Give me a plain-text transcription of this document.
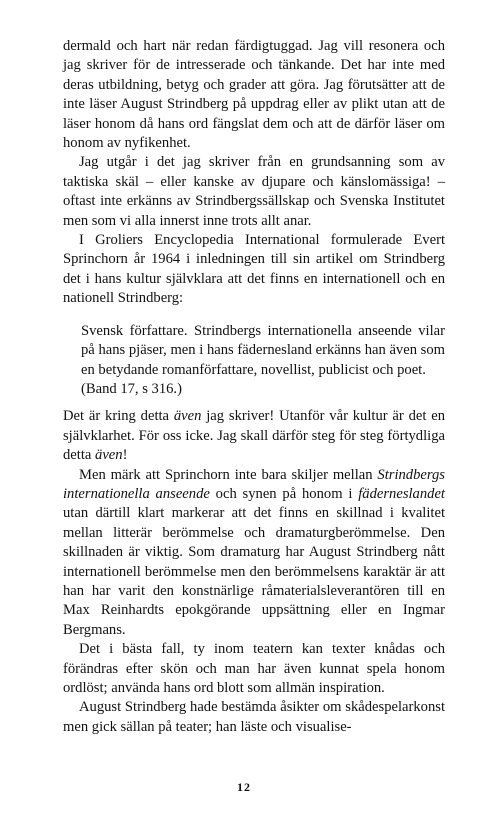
dermald och hart när redan färdigtuggad. Jag vill resonera och jag skriver för de intresserade och tänkande. Det har inte med deras utbildning, betyg och grader att göra. Jag förutsätter att de inte läser August Strindberg på uppdrag eller av plikt utan att de läser honom då hans ord fängslat dem och att de därför läser om honom av nyfikenhet.

Jag utgår i det jag skriver från en grundsanning som av taktiska skäl – eller kanske av djupare och känslomässiga! – oftast inte erkänns av Strindbergssällskap och Svenska Institutet men som vi alla innerst inne trots allt anar.

I Groliers Encyclopedia International formulerade Evert Sprinchorn år 1964 i inledningen till sin artikel om Strindberg det i hans kultur självklara att det finns en internationell och en nationell Strindberg:

Svensk författare. Strindbergs internationella anseende vilar på hans pjäser, men i hans fädernesland erkänns han även som en betydande romanförfattare, novellist, publicist och poet.

(Band 17, s 316.)

Det är kring detta även jag skriver! Utanför vår kultur är det en självklarhet. För oss icke. Jag skall därför steg för steg förtydliga detta även!

Men märk att Sprinchorn inte bara skiljer mellan Strindbergs internationella anseende och synen på honom i fäderneslandet utan därtill klart markerar att det finns en skillnad i kvalitet mellan litterär berömmelse och dramaturgberömmelse. Den skillnaden är viktig. Som dramaturg har August Strindberg nått internationell berömmelse men den berömmelsens karaktär är att han har varit den konstnärlige råmaterialsleverantören till en Max Reinhardts epokgörande uppsättning eller en Ingmar Bergmans.

Det i bästa fall, ty inom teatern kan texter knådas och förändras efter skön och man har även kunnat spela honom ordlöst; använda hans ord blott som allmän inspiration.

August Strindberg hade bestämda åsikter om skådespelarkonst men gick sällan på teater; han läste och visualise-

12
